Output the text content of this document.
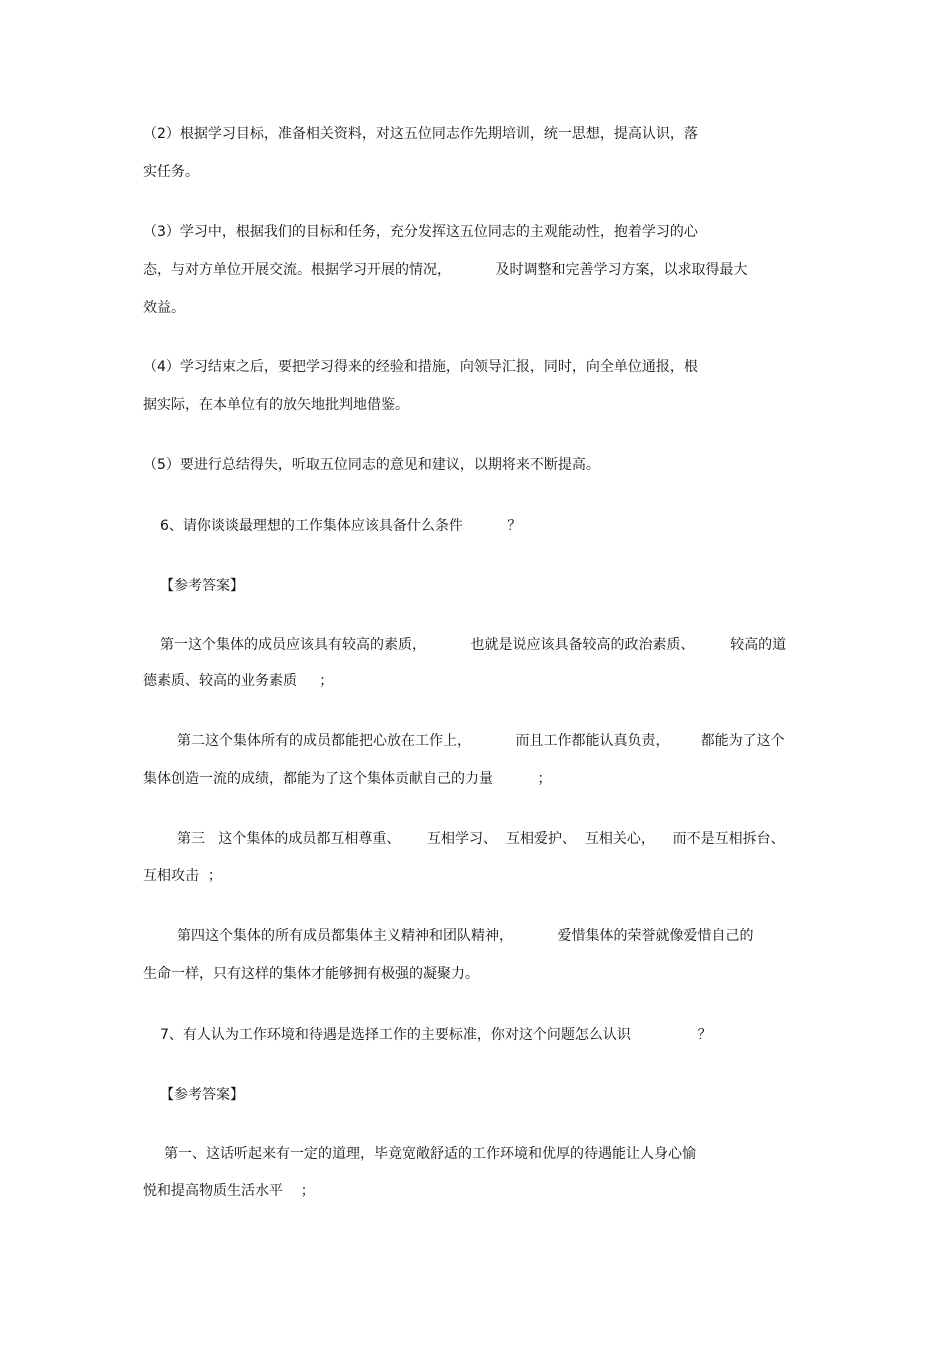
（2）根据学习目标，准备相关资料，对这五位同志作先期培训，统一思想，提高认识，落
实任务。
（3）学习中，根据我们的目标和任务，充分发挥这五位同志的主观能动性，抱着学习的心
态，与对方单位开展交流。根据学习开展的情况，          及时调整和完善学习方案，以求取得最大
效益。
（4）学习结束之后，要把学习得来的经验和措施，向领导汇报，同时，向全单位通报，根
据实际，在本单位有的放矢地批判地借鉴。
（5）要进行总结得失，听取五位同志的意见和建议，以期将来不断提高。
6、请你谈谈最理想的工作集体应该具备什么条件          ？
【参考答案】
第一这个集体的成员应该具有较高的素质，          也就是说应该具备较高的政治素质、        较高的道
德素质、较高的业务素质     ；
第二这个集体所有的成员都能把心放在工作上，          而且工作都能认真负责，       都能为了这个
集体创造一流的成绩，都能为了这个集体贡献自己的力量          ；
第三   这个集体的成员都互相尊重、      互相学习、  互相爱护、  互相关心，    而不是互相拆台、
互相攻击  ；
第四这个集体的所有成员都集体主义精神和团队精神，          爱惜集体的荣誉就像爱惜自己的
生命一样，只有这样的集体才能够拥有极强的凝聚力。
7、有人认为工作环境和待遇是选择工作的主要标准，你对这个问题怎么认识               ？
【参考答案】
第一、这话听起来有一定的道理，毕竟宽敞舒适的工作环境和优厚的待遇能让人身心愉
悦和提高物质生活水平    ；
